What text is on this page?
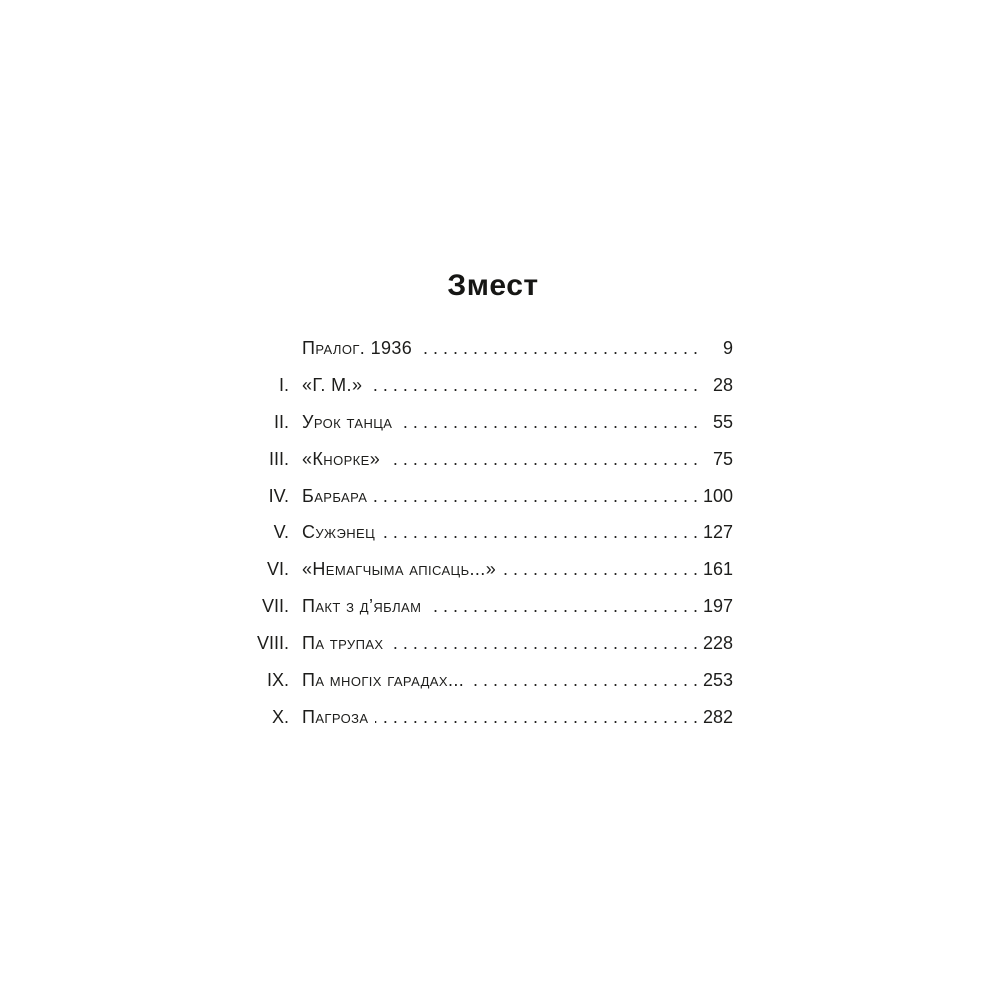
Змест
Пралог. 1936 . . .	9
I. «Г. М.» . . .	28
II. Урок танца . . .	55
III. «Кнорке» . . .	75
IV. Барбара . . .	100
V. Сужэнец . . .	127
VI. «Немагчыма апісаць...» . . .	161
VII. Пакт з д’яблам . . .	197
VIII. Па трупах . . .	228
IX. Па многіх гарадах... . . .	253
X. Пагроза . . .	282
